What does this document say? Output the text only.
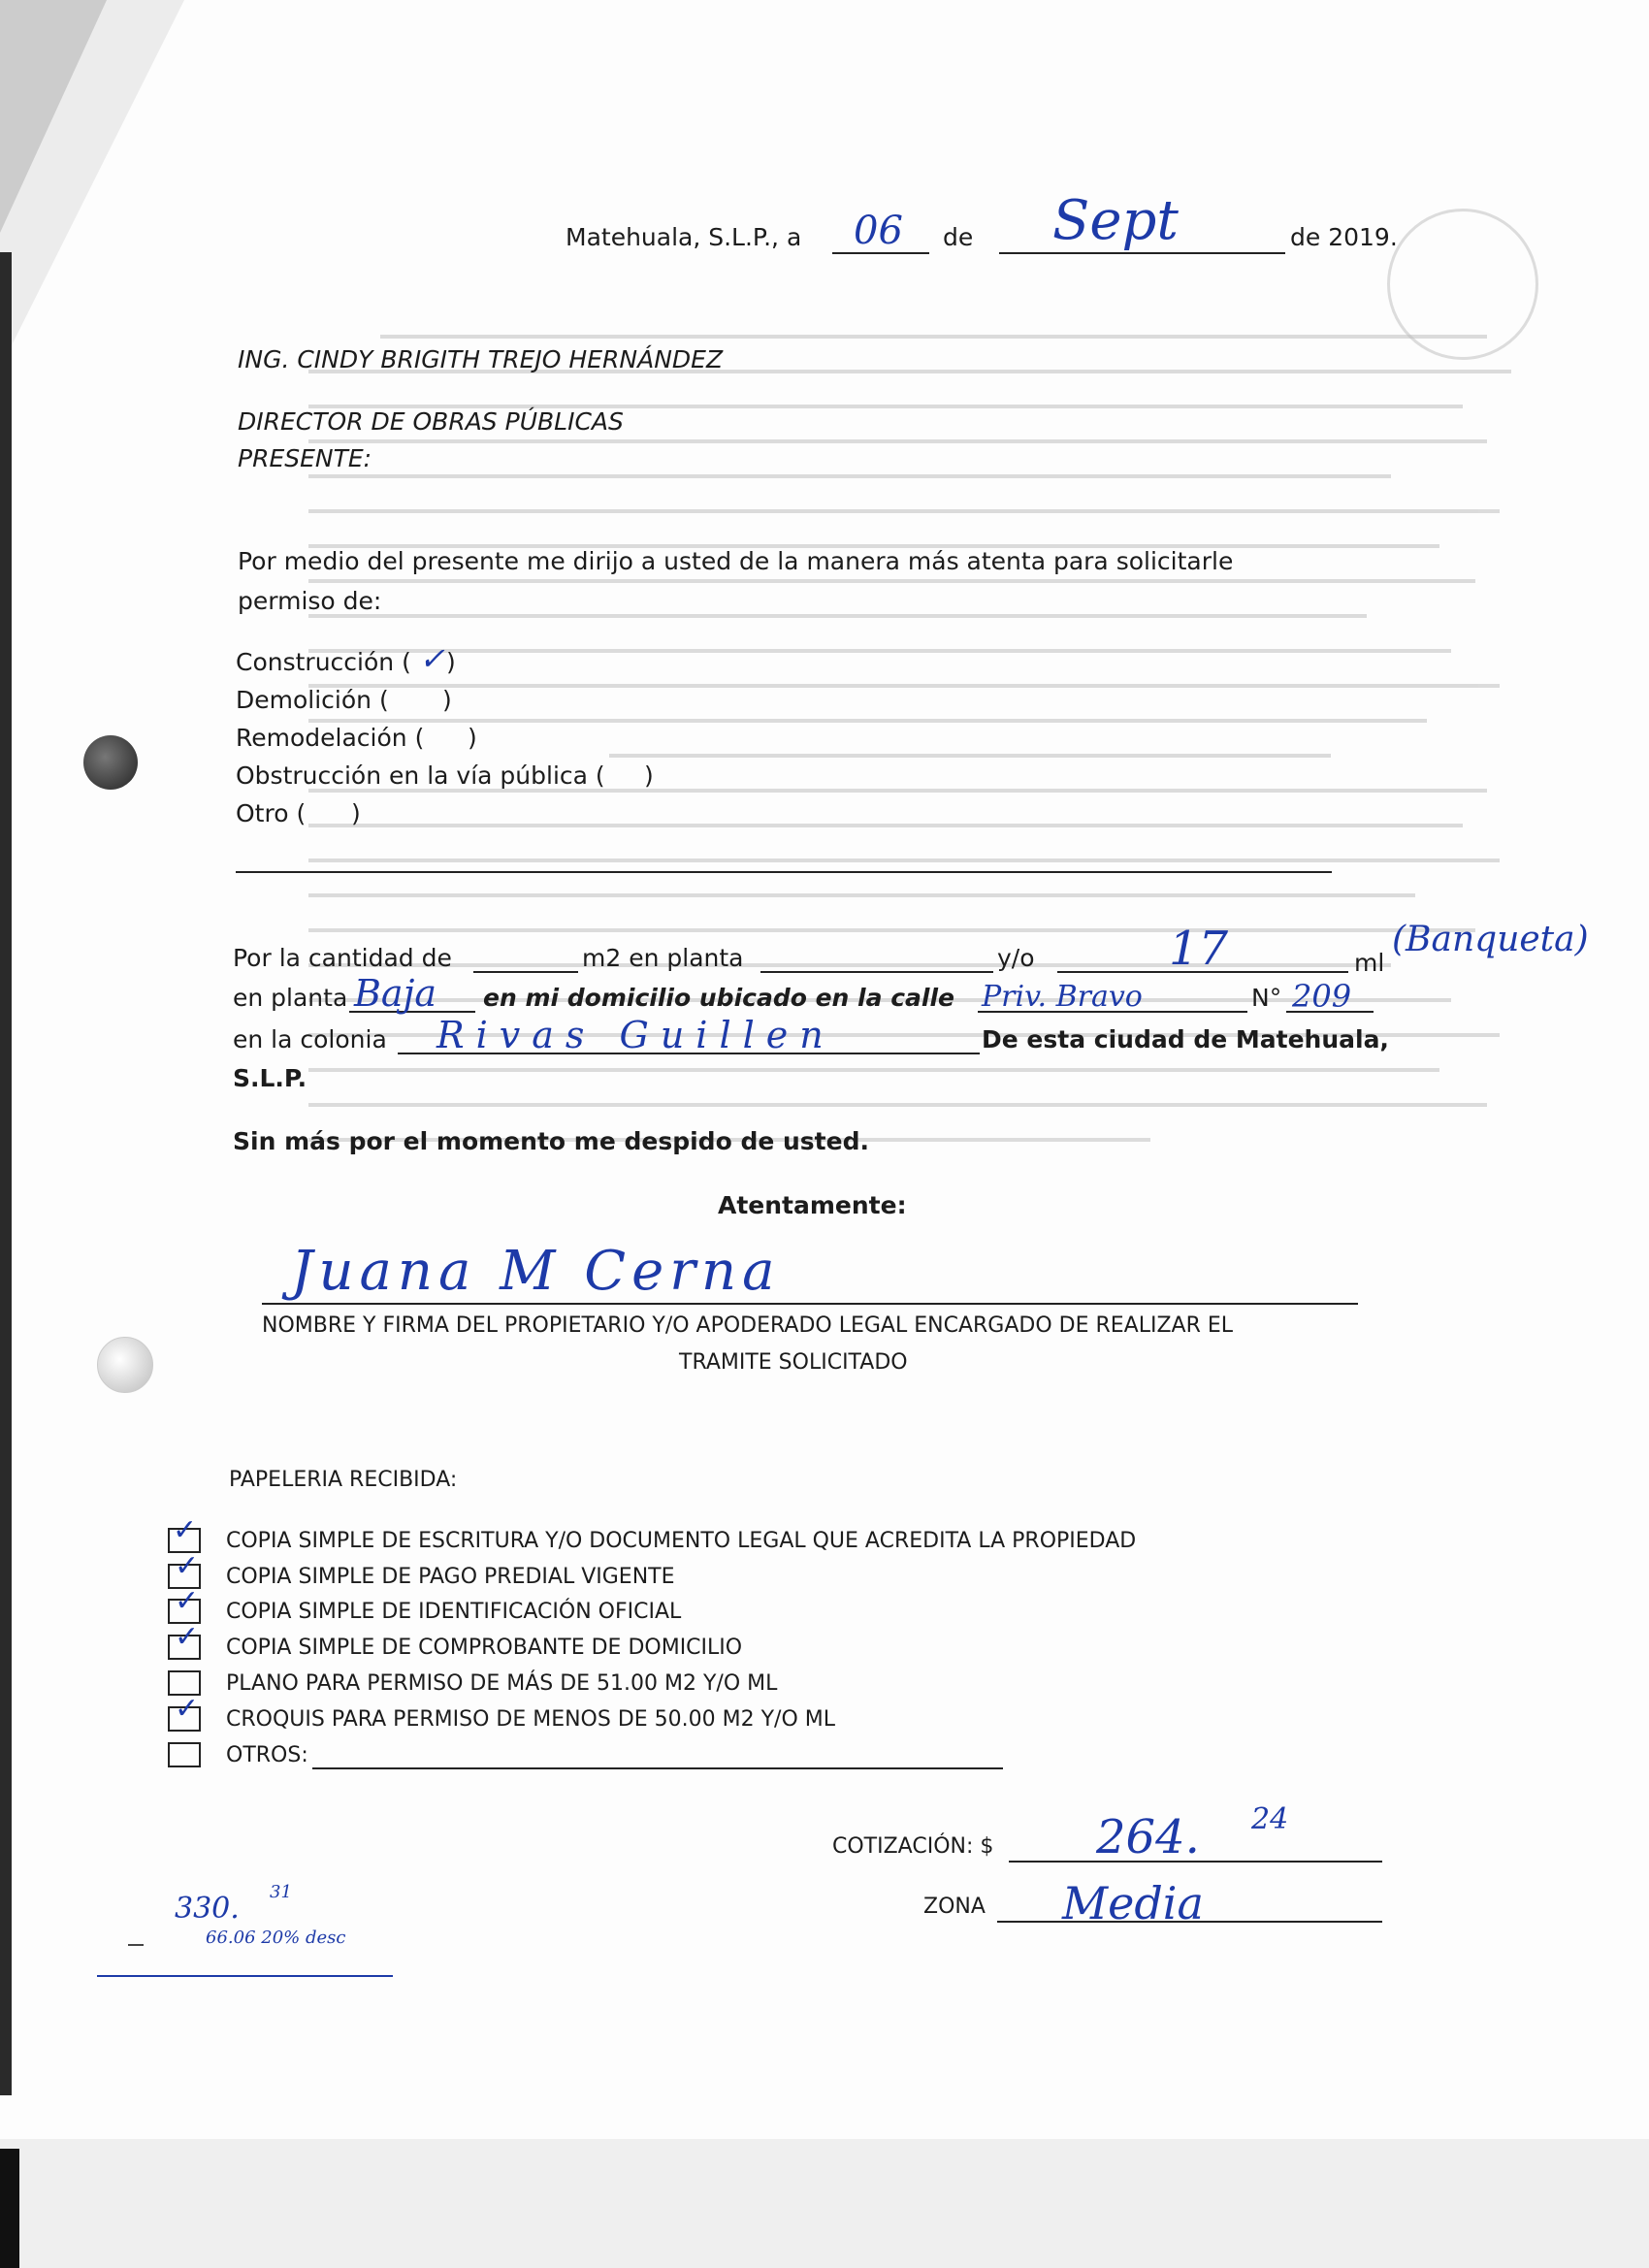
Matehuala, S.L.P., a 06 de Sept	de 2019.
ING. CINDY BRIGITH TREJO HERNÁNDEZ
DIRECTOR DE OBRAS PÚBLICAS
PRESENTE:
Por medio del presente me dirijo a usted de la manera más atenta para solicitarle
permiso de:
Construcción ( ✓ )
Demolición ( )
Remodelación ( )
Obstrucción en la vía pública ( )
Otro ( )
Por la cantidad de	m2 en planta	y/o	17	ml
(Banqueta)
en planta Baja en mi domicilio ubicado en la calle Priv. Bravo	N° 209
en la colonia Rivas Guillen	De esta ciudad de Matehuala,
S.L.P.
Sin más por el momento me despido de usted.
Atentamente:
Juana M Cerna
NOMBRE Y FIRMA DEL PROPIETARIO Y/O APODERADO LEGAL ENCARGADO DE REALIZAR EL
TRAMITE SOLICITADO
PAPELERIA RECIBIDA:
✓ COPIA SIMPLE DE ESCRITURA Y/O DOCUMENTO LEGAL QUE ACREDITA LA PROPIEDAD
✓ COPIA SIMPLE DE PAGO PREDIAL VIGENTE
✓ COPIA SIMPLE DE IDENTIFICACIÓN OFICIAL
✓ COPIA SIMPLE DE COMPROBANTE DE DOMICILIO
PLANO PARA PERMISO DE MÁS DE 51.00 M2 Y/O ML
✓ CROQUIS PARA PERMISO DE MENOS DE 50.00 M2 Y/O ML
OTROS:
COTIZACIÓN: $ 264. 24
ZONA Media
330. 31
66.06 20% desc
